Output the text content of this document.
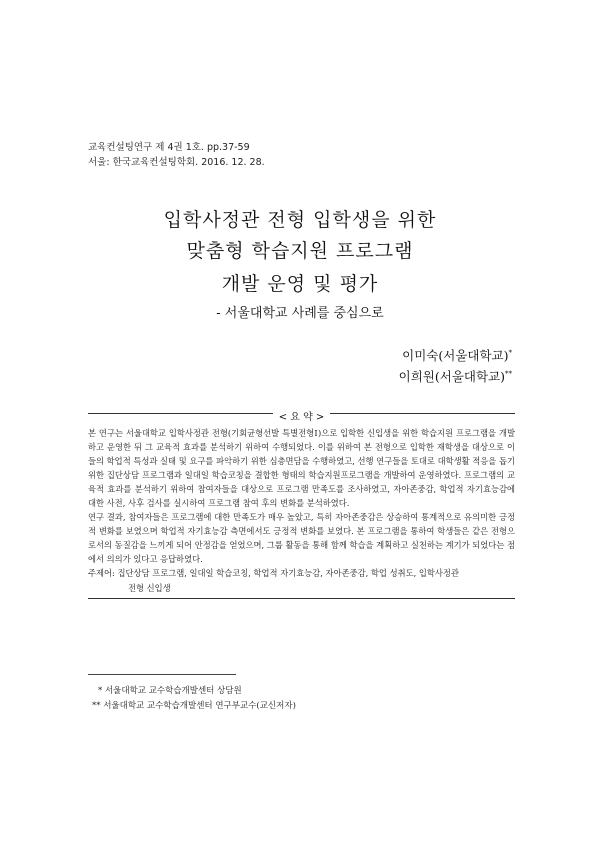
교육컨설팅연구 제 4권 1호. pp.37-59
서울: 한국교육컨설팅학회. 2016. 12. 28.
입학사정관 전형 입학생을 위한
맞춤형 학습지원 프로그램
개발 운영 및 평가
- 서울대학교 사례를 중심으로
이미숙(서울대학교)*
이희원(서울대학교)**
< 요 약 >

본 연구는 서울대학교 입학사정관 전형(기회균형선발 특별전형Ⅰ)으로 입학한 신입생을 위한 학습지원 프로그램을 개발하고 운영한 뒤 그 교육적 효과를 분석하기 위하여 수행되었다. 이를 위하여 본 전형으로 입학한 재학생을 대상으로 이들의 학업적 특성과 실태 및 요구를 파악하기 위한 심층면담을 수행하였고, 선행 연구들을 토대로 대학생활 적응을 돕기 위한 집단상담 프로그램과 일대일 학습코칭을 결합한 형태의 학습지원프로그램을 개발하여 운영하였다. 프로그램의 교육적 효과를 분석하기 위하여 참여자들을 대상으로 프로그램 만족도를 조사하였고, 자아존중감, 학업적 자기효능감에 대한 사전, 사후 검사를 실시하여 프로그램 참여 후의 변화를 분석하였다.

연구 결과, 참여자들은 프로그램에 대한 만족도가 매우 높았고, 특히 자아존중감은 상승하여 통계적으로 유의미한 긍정적 변화를 보였으며 학업적 자기효능감 측면에서도 긍정적 변화를 보였다. 본 프로그램을 통하여 학생들은 같은 전형으로서의 동질감을 느끼게 되어 안정감을 얻었으며, 그룹 활동을 통해 함께 학습을 계획하고 실천하는 계기가 되었다는 점에서 의의가 있다고 응답하였다.

주제어: 집단상담 프로그램, 일대일 학습코칭, 학업적 자기효능감, 자아존중감, 학업 성취도, 입학사정관
전형 신입생
* 서울대학교 교수학습개발센터 상담원
** 서울대학교 교수학습개발센터 연구부교수(교신저자)
